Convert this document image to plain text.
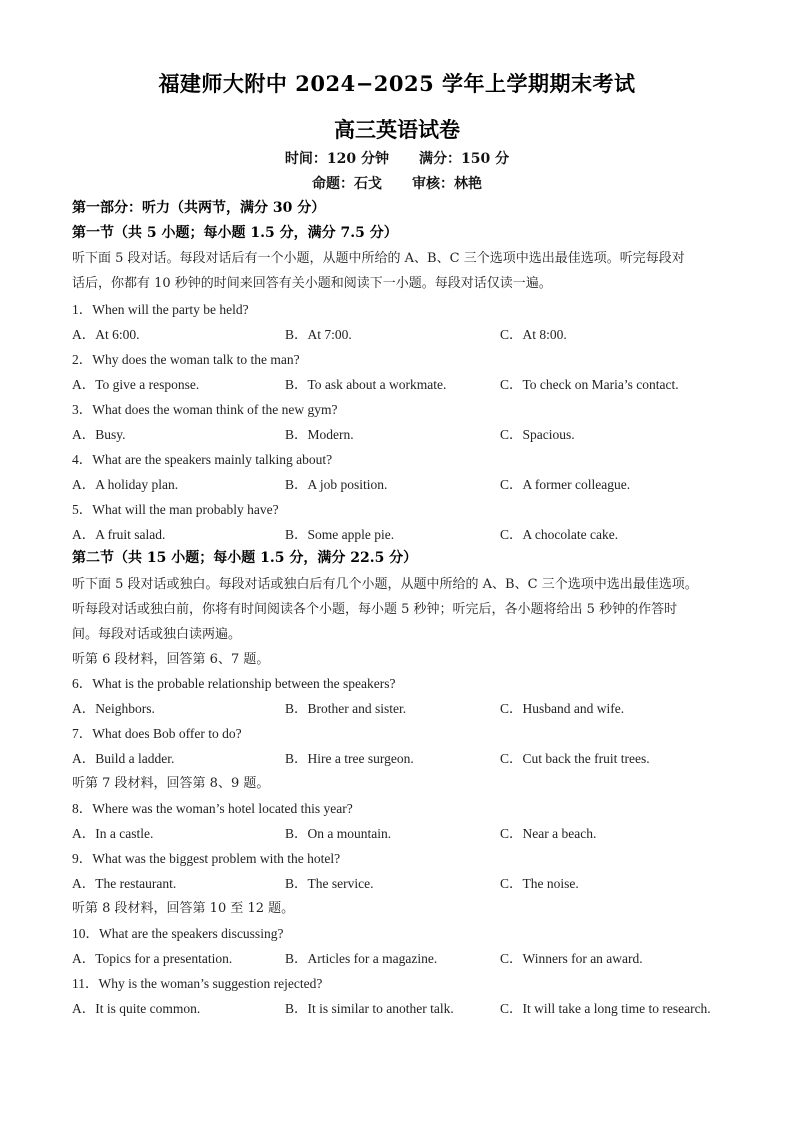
福建师大附中 2024−2025 学年上学期期末考试
高三英语试卷
时间：120 分钟 满分：150 分
命题：石戈 审核：林艳
第一部分：听力（共两节，满分 30 分）
第一节（共 5 小题；每小题 1.5 分，满分 7.5 分）
听下面 5 段对话。每段对话后有一个小题，从题中所给的 A、B、C 三个选项中选出最佳选项。听完每段对
话后，你都有 10 秒钟的时间来回答有关小题和阅读下一小题。每段对话仅读一遍。
1．When will the party be held?
A．At 6:00.	B．At 7:00.	C．At 8:00.
2．Why does the woman talk to the man?
A．To give a response.	B．To ask about a workmate.	C．To check on Maria’s contact.
3．What does the woman think of the new gym?
A．Busy.	B．Modern.	C．Spacious.
4．What are the speakers mainly talking about?
A．A holiday plan.	B．A job position.	C．A former colleague.
5．What will the man probably have?
A．A fruit salad.	B．Some apple pie.	C．A chocolate cake.
第二节（共 15 小题；每小题 1.5 分，满分 22.5 分）
听下面 5 段对话或独白。每段对话或独白后有几个小题，从题中所给的 A、B、C 三个选项中选出最佳选项。
听每段对话或独白前，你将有时间阅读各个小题，每小题 5 秒钟；听完后，各小题将给出 5 秒钟的作答时
间。每段对话或独白读两遍。
听第 6 段材料，回答第 6、7 题。
6．What is the probable relationship between the speakers?
A．Neighbors.	B．Brother and sister.	C．Husband and wife.
7．What does Bob offer to do?
A．Build a ladder.	B．Hire a tree surgeon.	C．Cut back the fruit trees.
听第 7 段材料，回答第 8、9 题。
8．Where was the woman’s hotel located this year?
A．In a castle.	B．On a mountain.	C．Near a beach.
9．What was the biggest problem with the hotel?
A．The restaurant.	B．The service.	C．The noise.
听第 8 段材料，回答第 10 至 12 题。
10．What are the speakers discussing?
A．Topics for a presentation.	B．Articles for a magazine.	C．Winners for an award.
11．Why is the woman’s suggestion rejected?
A．It is quite common.	B．It is similar to another talk.	C．It will take a long time to research.
